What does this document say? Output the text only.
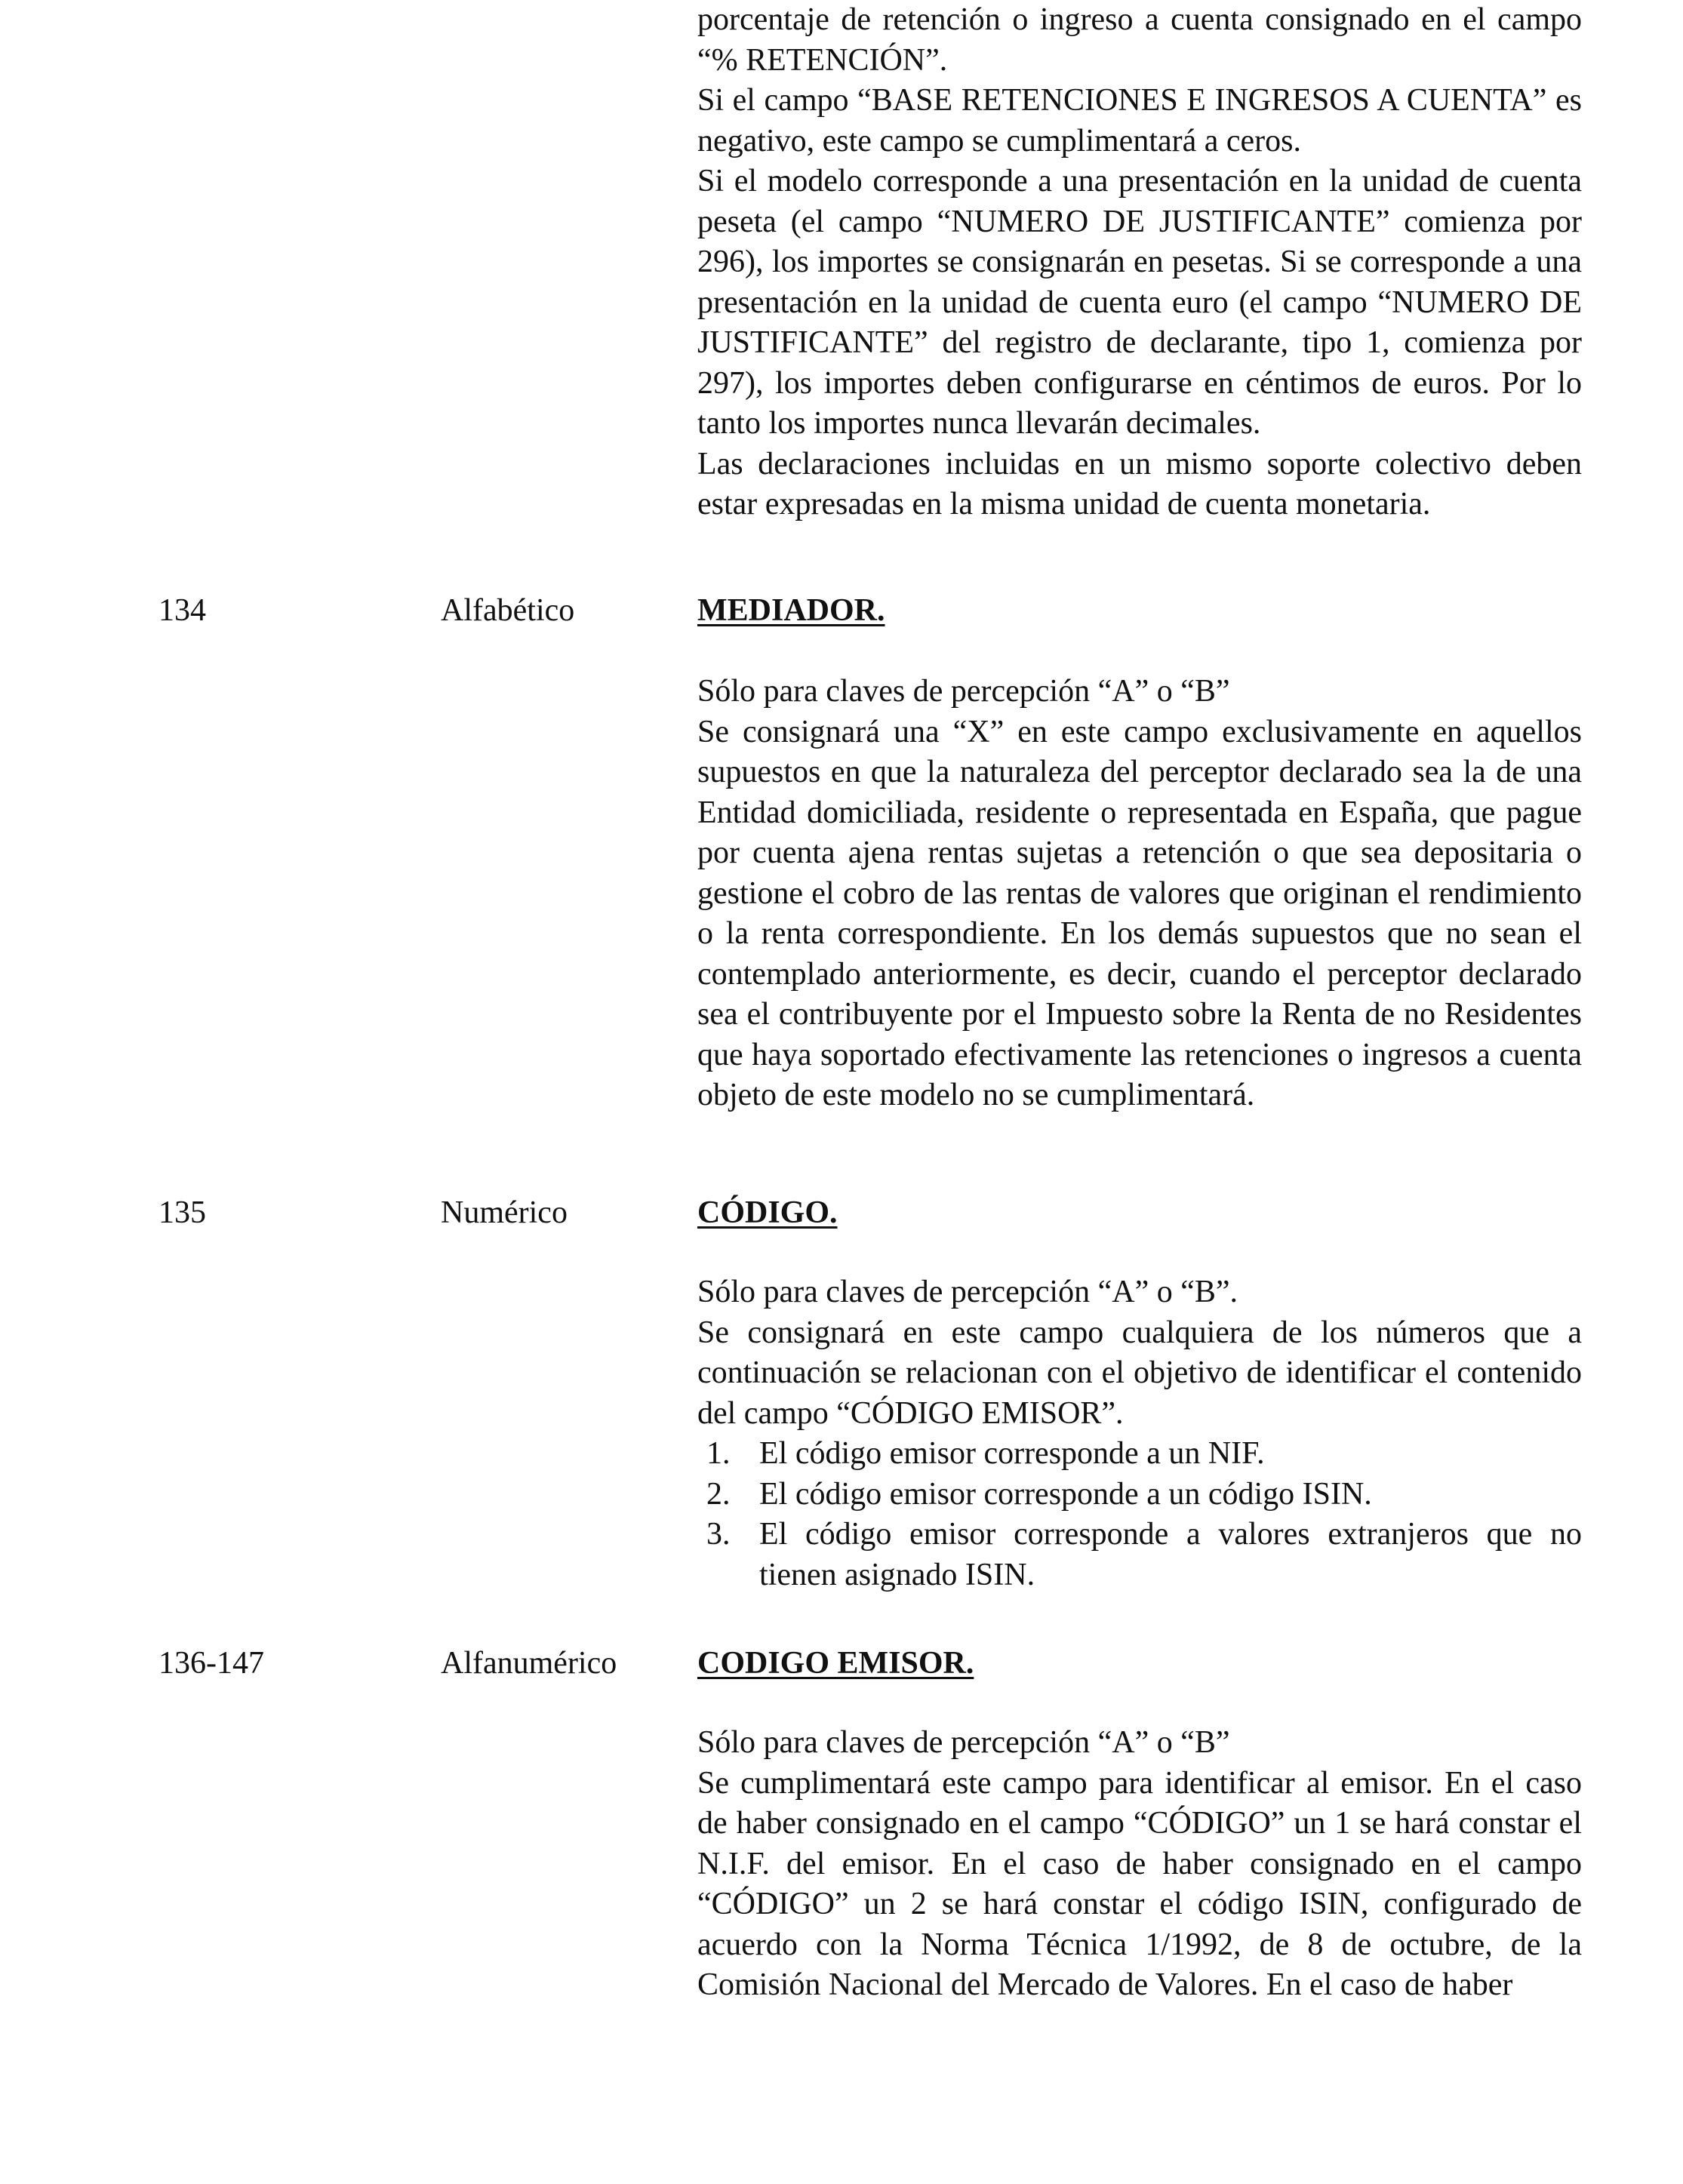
porcentaje de retención o ingreso a cuenta consignado en el campo “% RETENCIÓN”.

Si el campo “BASE RETENCIONES E INGRESOS A CUENTA” es negativo, este campo se cumplimentará a ceros.

Si el modelo corresponde a una presentación en la unidad de cuenta peseta (el campo “NUMERO DE JUSTIFICANTE” comienza por 296), los importes se consignarán en pesetas. Si se corresponde a una presentación en la unidad de cuenta euro (el campo “NUMERO DE JUSTIFICANTE” del registro de declarante, tipo 1, comienza por 297), los importes deben configurarse en céntimos de euros. Por lo tanto los importes nunca llevarán decimales.

Las declaraciones incluidas en un mismo soporte colectivo deben estar expresadas en la misma unidad de cuenta monetaria.

134	Alfabético	MEDIADOR.

Sólo para claves de percepción “A” o “B”

Se consignará una “X” en este campo exclusivamente en aquellos supuestos en que la naturaleza del perceptor declarado sea la de una Entidad domiciliada, residente o representada en España, que pague por cuenta ajena rentas sujetas a retención o que sea depositaria o gestione el cobro de las rentas de valores que originan el rendimiento o la renta correspondiente. En los demás supuestos que no sean el contemplado anteriormente, es decir, cuando el perceptor declarado sea el contribuyente por el Impuesto sobre la Renta de no Residentes que haya soportado efectivamente las retenciones o ingresos a cuenta objeto de este modelo no se cumplimentará.

135	Numérico	CÓDIGO.

Sólo para claves de percepción “A” o “B”.

Se consignará en este campo cualquiera de los números que a continuación se relacionan con el objetivo de identificar el contenido del campo “CÓDIGO EMISOR”.

1. El código emisor corresponde a un NIF.
2. El código emisor corresponde a un código ISIN.
3. El código emisor corresponde a valores extranjeros que no tienen asignado ISIN.
136-147	Alfanumérico	CODIGO EMISOR.

Sólo para claves de percepción “A” o “B”

Se cumplimentará este campo para identificar al emisor. En el caso de haber consignado en el campo “CÓDIGO” un 1 se hará constar el N.I.F. del emisor. En el caso de haber consignado en el campo “CÓDIGO” un 2 se hará constar el código ISIN, configurado de acuerdo con la Norma Técnica 1/1992, de 8 de octubre, de la Comisión Nacional del Mercado de Valores. En el caso de haber
